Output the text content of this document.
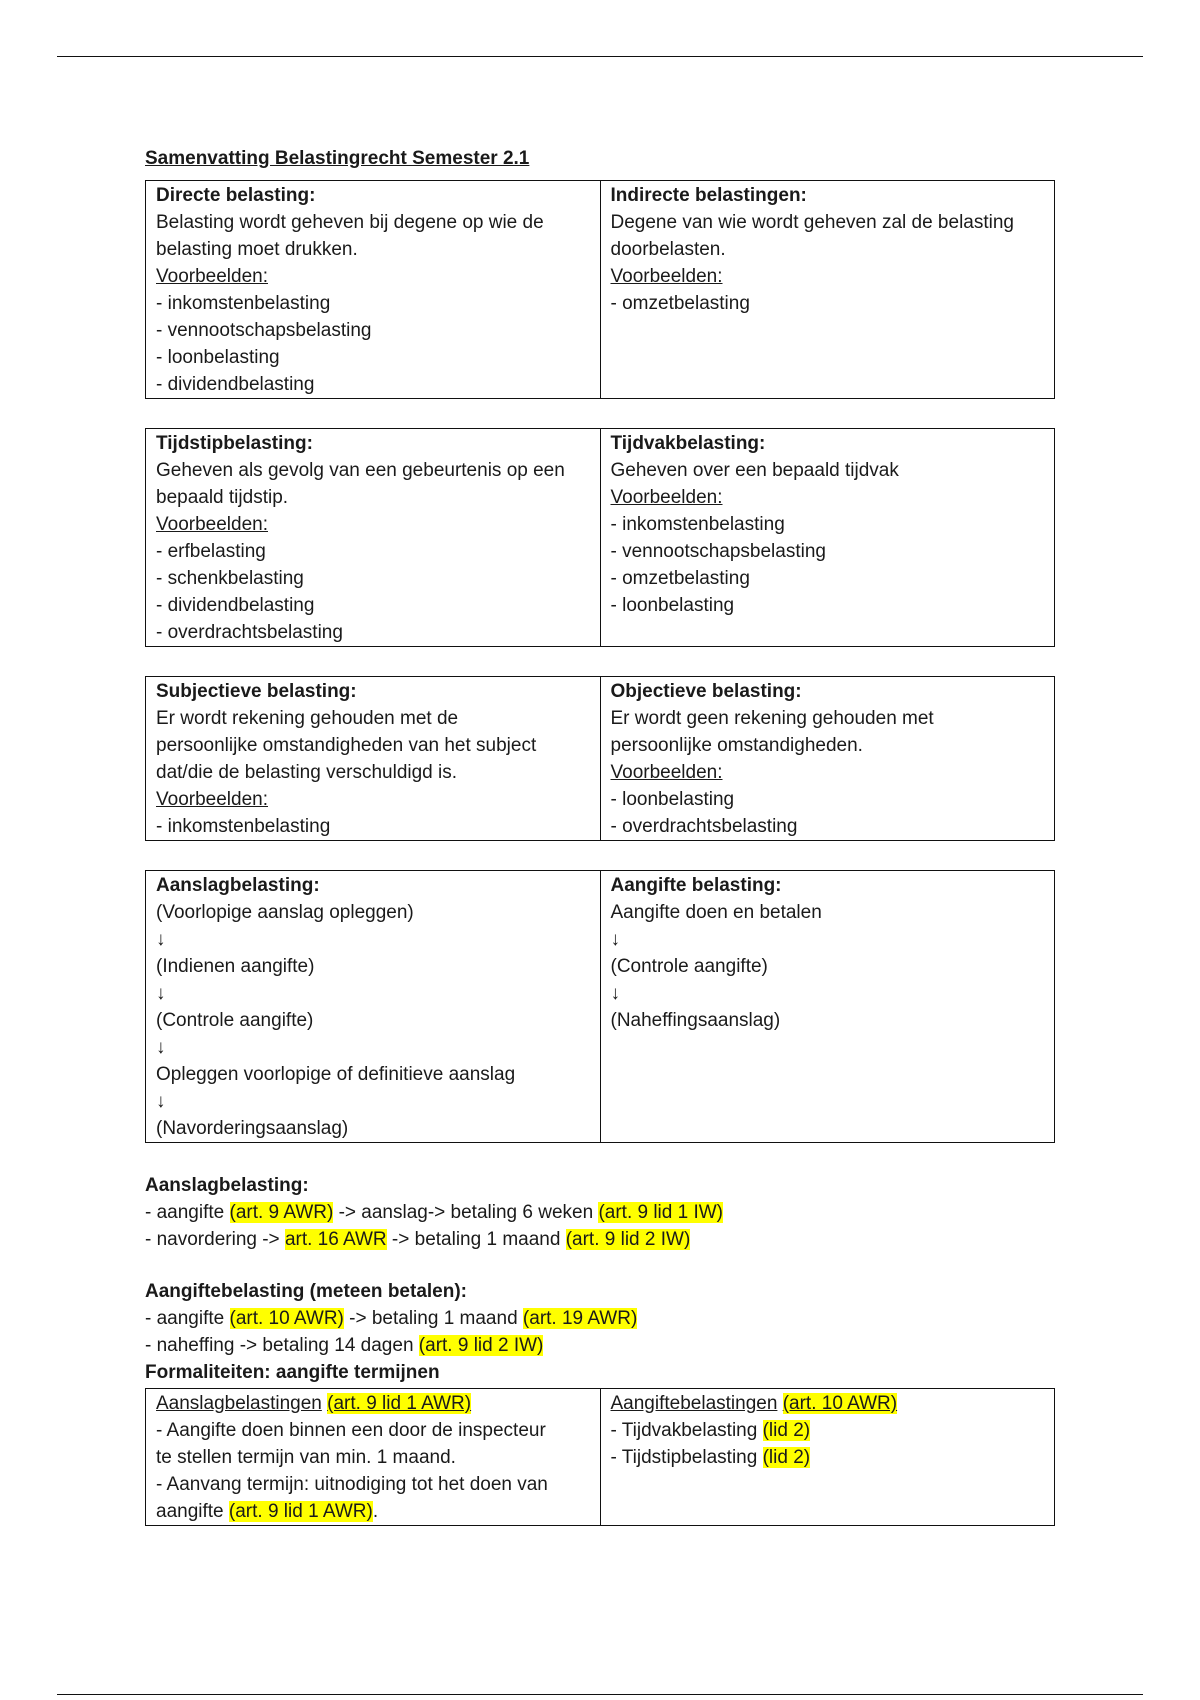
Samenvatting Belastingrecht Semester 2.1
Directe belasting:
Belasting wordt geheven bij degene op wie de
belasting moet drukken.
Voorbeelden:
- inkomstenbelasting
- vennootschapsbelasting
- loonbelasting
- dividendbelasting

Indirecte belastingen:
Degene van wie wordt geheven zal de belasting
doorbelasten.
Voorbeelden:
- omzetbelasting
Tijdstipbelasting:
Geheven als gevolg van een gebeurtenis op een
bepaald tijdstip.
Voorbeelden:
- erfbelasting
- schenkbelasting
- dividendbelasting
- overdrachtsbelasting

Tijdvakbelasting:
Geheven over een bepaald tijdvak
Voorbeelden:
- inkomstenbelasting
- vennootschapsbelasting
- omzetbelasting
- loonbelasting
Subjectieve belasting:
Er wordt rekening gehouden met de
persoonlijke omstandigheden van het subject
dat/die de belasting verschuldigd is.
Voorbeelden:
- inkomstenbelasting

Objectieve belasting:
Er wordt geen rekening gehouden met
persoonlijke omstandigheden.
Voorbeelden:
- loonbelasting
- overdrachtsbelasting
Aanslagbelasting:
(Voorlopige aanslag opleggen)
↓
(Indienen aangifte)
↓
(Controle aangifte)
↓
Opleggen voorlopige of definitieve aanslag
↓
(Navorderingsaanslag)

Aangifte belasting:
Aangifte doen en betalen
↓
(Controle aangifte)
↓
(Naheffingsaanslag)
Aanslagbelasting:
- aangifte (art. 9 AWR) -> aanslag-> betaling 6 weken (art. 9 lid 1 IW)
- navordering -> art. 16 AWR -> betaling 1 maand (art. 9 lid 2 IW)
Aangiftebelasting (meteen betalen):
- aangifte (art. 10 AWR) -> betaling 1 maand (art. 19 AWR)
- naheffing -> betaling 14 dagen (art. 9 lid 2 IW)
Formaliteiten: aangifte termijnen
Aanslagbelastingen (art. 9 lid 1 AWR)
- Aangifte doen binnen een door de inspecteur
te stellen termijn van min. 1 maand.
- Aanvang termijn: uitnodiging tot het doen van
aangifte (art. 9 lid 1 AWR).

Aangiftebelastingen (art. 10 AWR)
- Tijdvakbelasting (lid 2)
- Tijdstipbelasting (lid 2)
